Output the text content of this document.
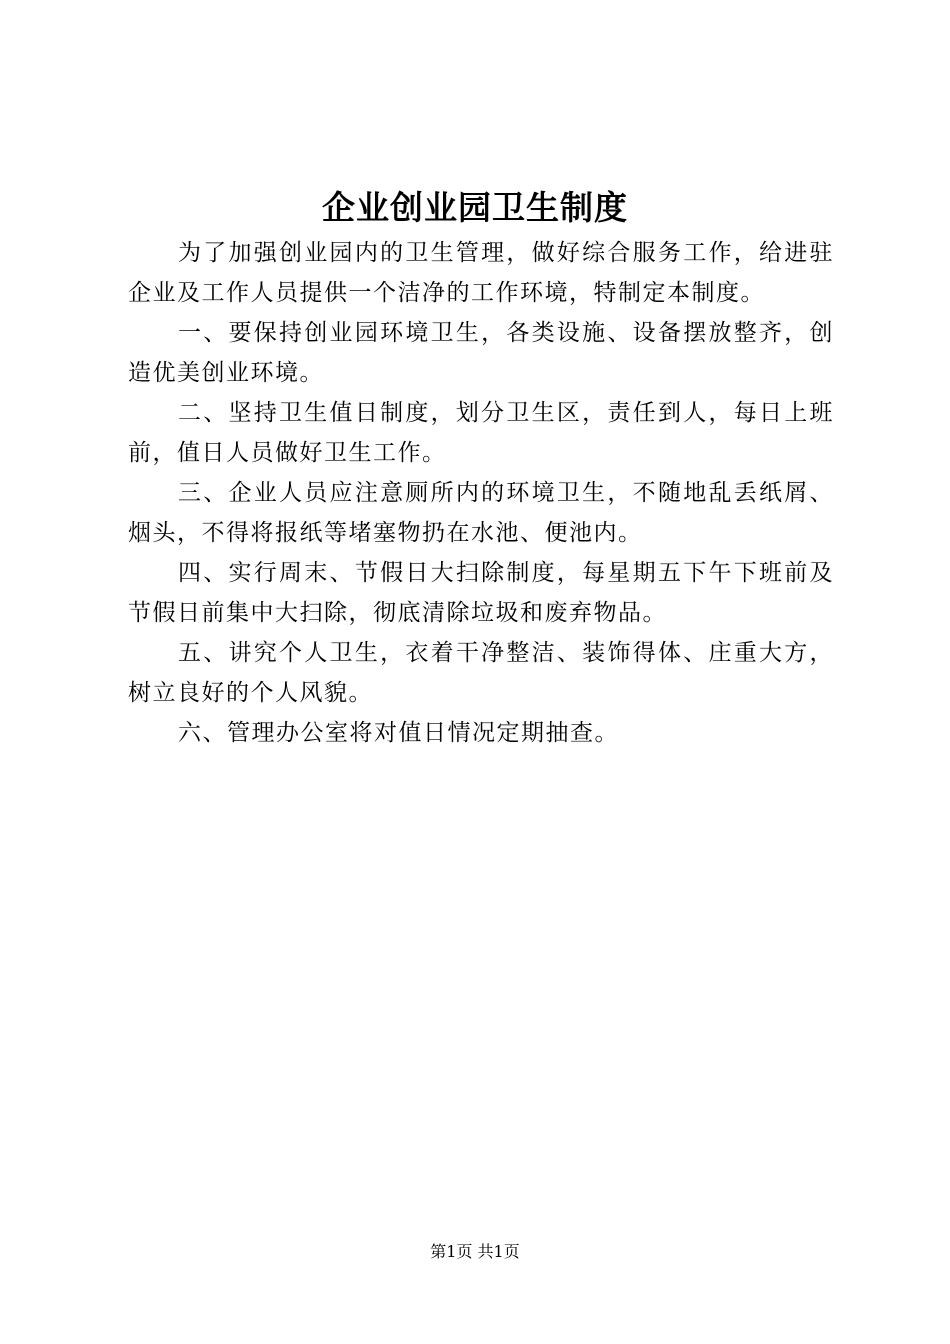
企业创业园卫生制度

为了加强创业园内的卫生管理，做好综合服务工作，给进驻企业及工作人员提供一个洁净的工作环境，特制定本制度。

一、要保持创业园环境卫生，各类设施、设备摆放整齐，创造优美创业环境。

二、坚持卫生值日制度，划分卫生区，责任到人，每日上班前，值日人员做好卫生工作。

三、企业人员应注意厕所内的环境卫生，不随地乱丢纸屑、烟头，不得将报纸等堵塞物扔在水池、便池内。

四、实行周末、节假日大扫除制度，每星期五下午下班前及节假日前集中大扫除，彻底清除垃圾和废弃物品。

五、讲究个人卫生，衣着干净整洁、装饰得体、庄重大方，树立良好的个人风貌。

六、管理办公室将对值日情况定期抽查。

第1页 共1页
